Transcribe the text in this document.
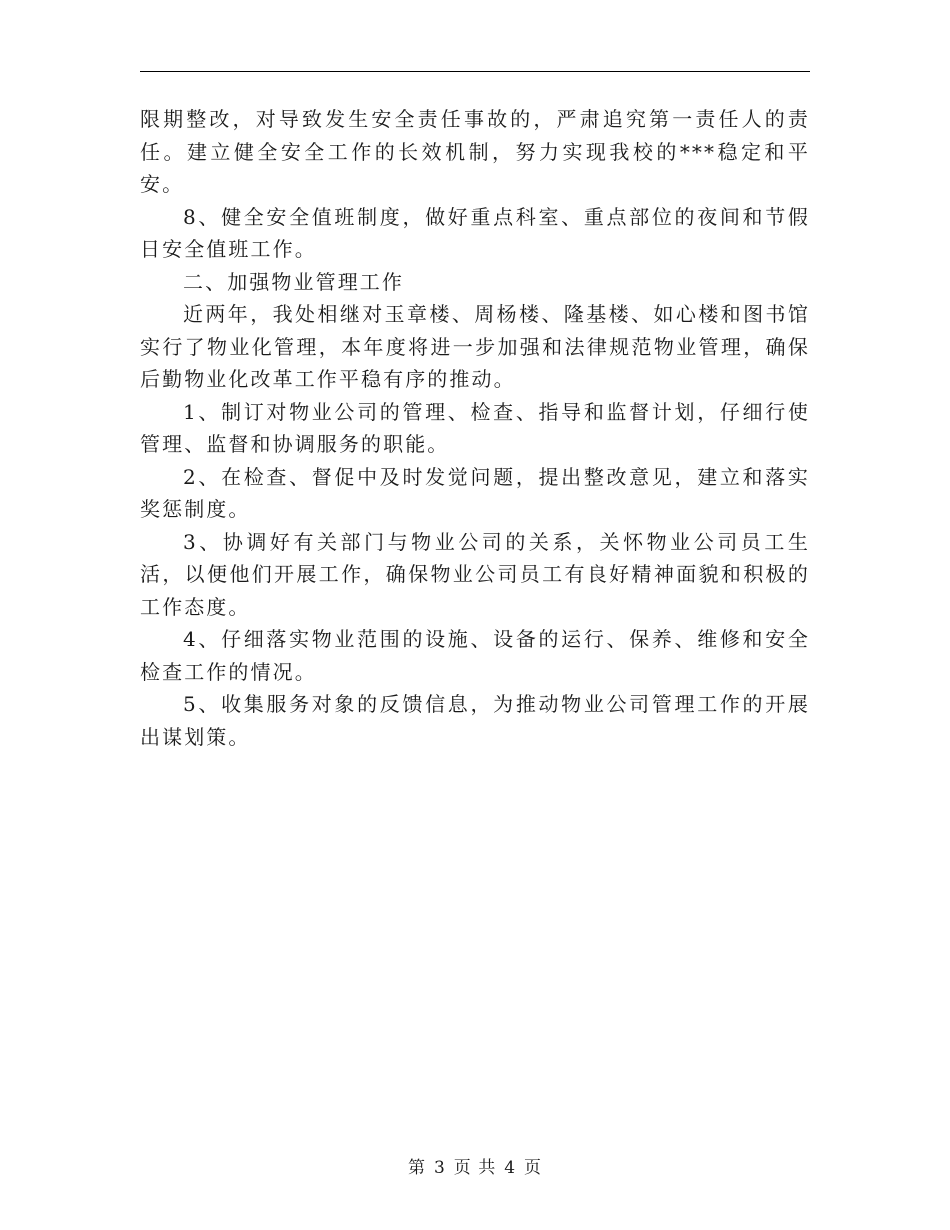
限期整改，对导致发生安全责任事故的，严肃追究第一责任人的责任。建立健全安全工作的长效机制，努力实现我校的***稳定和平安。

8、健全安全值班制度，做好重点科室、重点部位的夜间和节假日安全值班工作。

二、加强物业管理工作

近两年，我处相继对玉章楼、周杨楼、隆基楼、如心楼和图书馆实行了物业化管理，本年度将进一步加强和法律规范物业管理，确保后勤物业化改革工作平稳有序的推动。

1、制订对物业公司的管理、检查、指导和监督计划，仔细行使管理、监督和协调服务的职能。

2、在检查、督促中及时发觉问题，提出整改意见，建立和落实奖惩制度。

3、协调好有关部门与物业公司的关系，关怀物业公司员工生活，以便他们开展工作，确保物业公司员工有良好精神面貌和积极的工作态度。

4、仔细落实物业范围的设施、设备的运行、保养、维修和安全检查工作的情况。

5、收集服务对象的反馈信息，为推动物业公司管理工作的开展出谋划策。

第 3 页 共 4 页
